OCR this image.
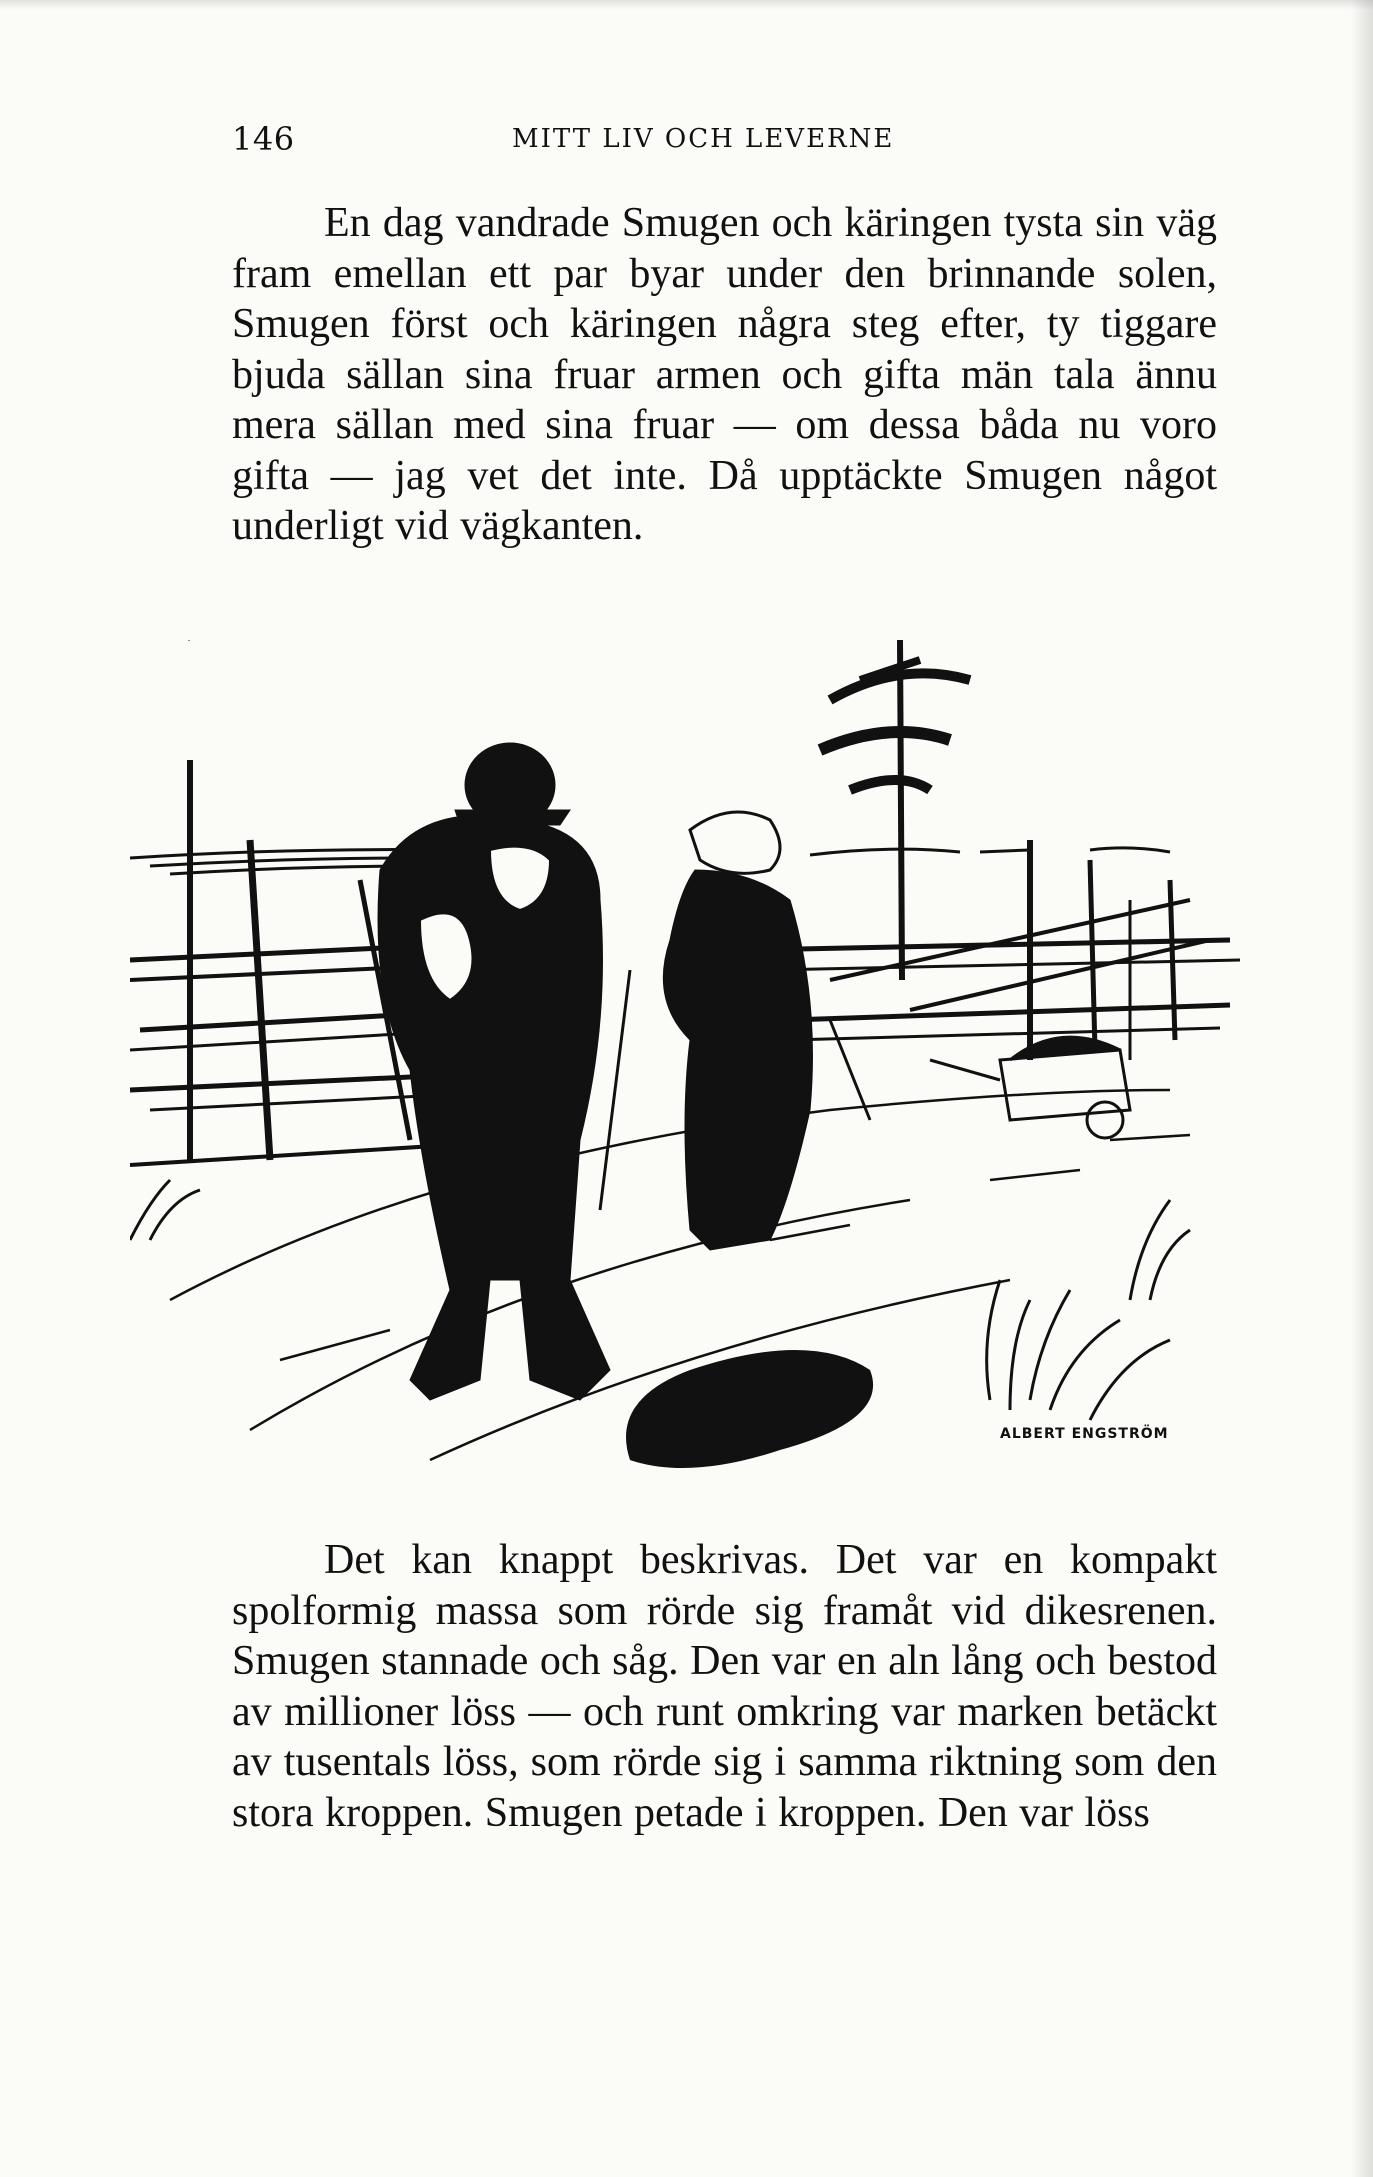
146	MITT LIV OCH LEVERNE

En dag vandrade Smugen och käringen tysta sin väg fram emellan ett par byar under den brinnande solen, Smugen först och käringen några steg efter, ty tiggare bjuda sällan sina fruar armen och gifta män tala ännu mera sällan med sina fruar — om dessa båda nu voro gifta — jag vet det inte. Då upptäckte Smugen något underligt vid vägkanten.

ALBERT ENGSTRÖM

Det kan knappt beskrivas. Det var en kompakt spolformig massa som rörde sig framåt vid dikesrenen. Smugen stannade och såg. Den var en aln lång och bestod av millioner löss — och runt omkring var marken betäckt av tusentals löss, som rörde sig i samma riktning som den stora kroppen. Smugen petade i kroppen. Den var löss
